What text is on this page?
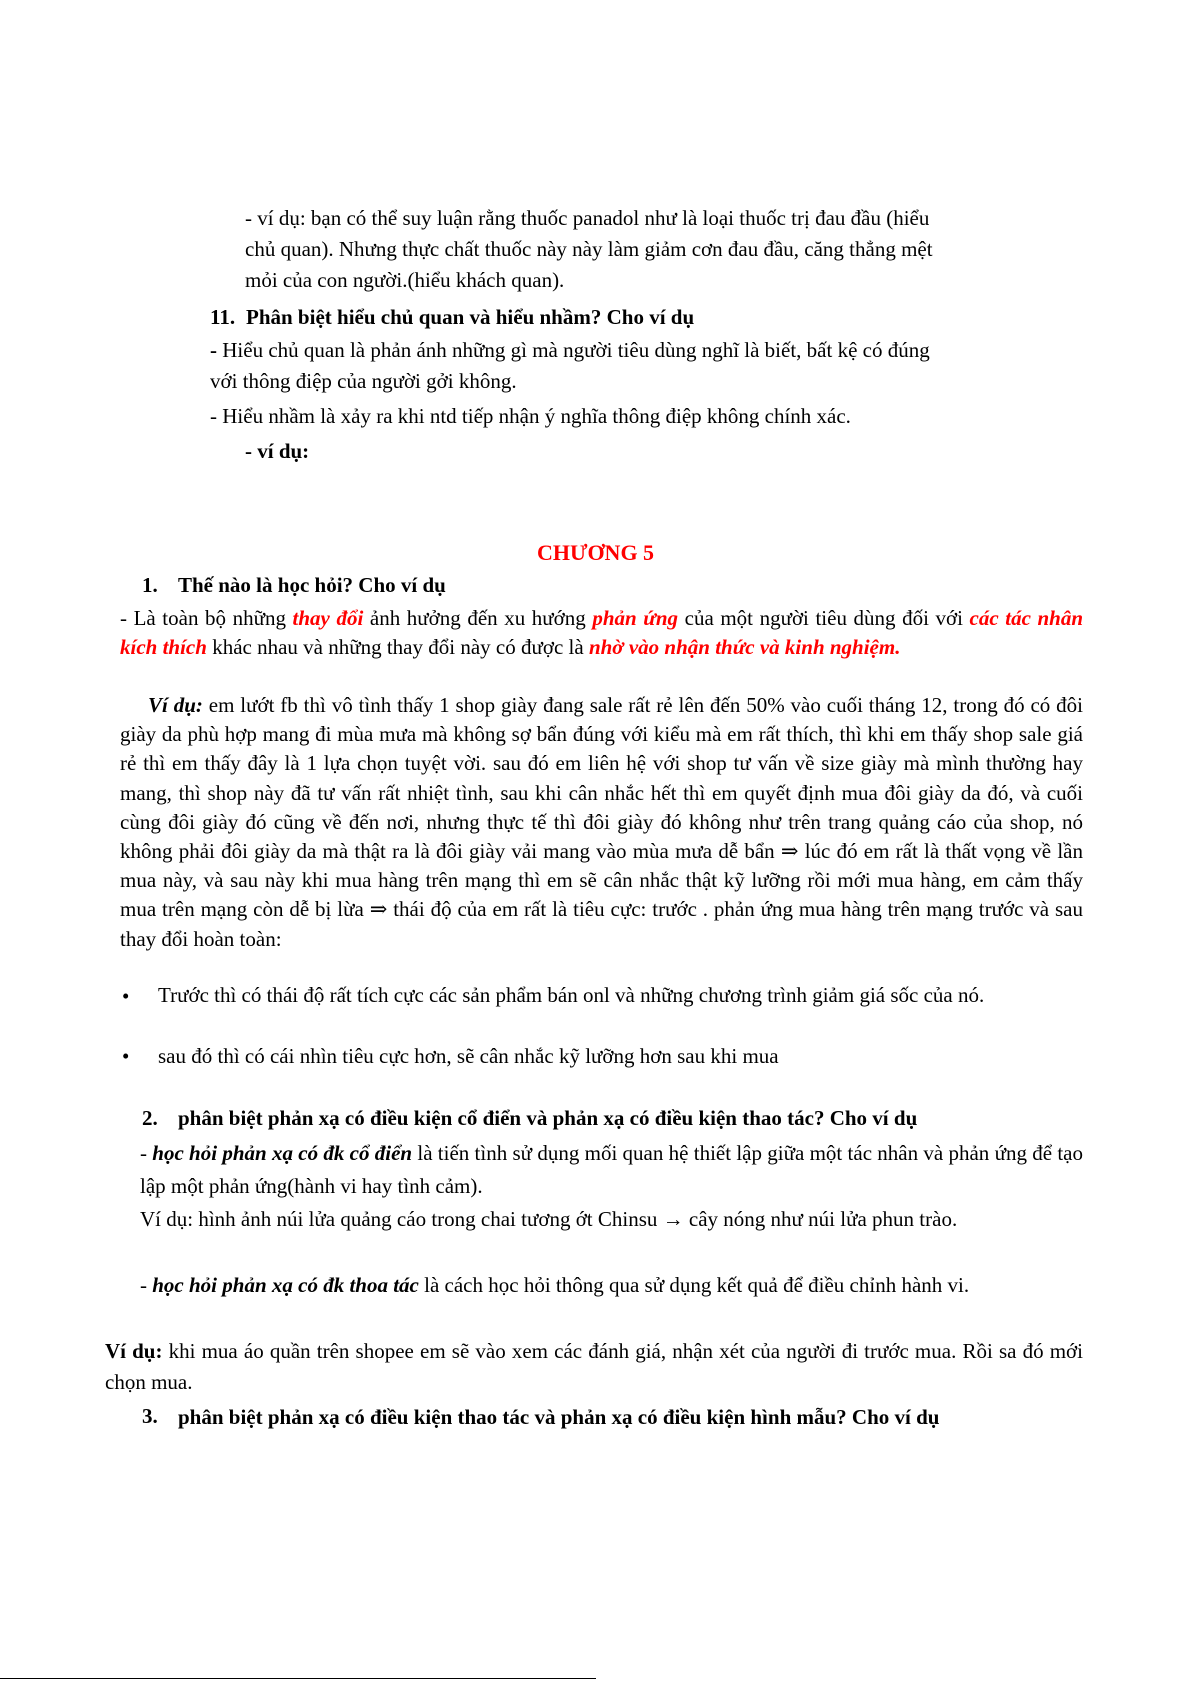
- ví dụ: bạn có thể suy luận rằng thuốc panadol như là loại thuốc trị đau đầu (hiểu
chủ quan). Nhưng thực chất thuốc này này làm giảm cơn đau đầu, căng thẳng mệt
mỏi của con người.(hiểu khách quan).
11. Phân biệt hiểu chủ quan và hiểu nhầm? Cho ví dụ
- Hiểu chủ quan là phản ánh những gì mà người tiêu dùng nghĩ là biết, bất kệ có đúng
với thông điệp của người gởi không.
- Hiểu nhầm là xảy ra khi ntd tiếp nhận ý nghĩa thông điệp không chính xác.
- ví dụ:
CHƯƠNG 5
1. Thế nào là học hỏi? Cho ví dụ
- Là toàn bộ những thay đổi ảnh hưởng đến xu hướng phản ứng của một người tiêu dùng đối với các tác nhân kích thích khác nhau và những thay đổi này có được là nhờ vào nhận thức và kinh nghiệm.
Ví dụ: em lướt fb thì vô tình thấy 1 shop giày đang sale rất rẻ lên đến 50% vào cuối tháng 12, trong đó có đôi giày da phù hợp mang đi mùa mưa mà không sợ bẩn đúng với kiểu mà em rất thích, thì khi em thấy shop sale giá rẻ thì em thấy đây là 1 lựa chọn tuyệt vời. sau đó em liên hệ với shop tư vấn về size giày mà mình thường hay mang, thì shop này đã tư vấn rất nhiệt tình, sau khi cân nhắc hết thì em quyết định mua đôi giày da đó, và cuối cùng đôi giày đó cũng về đến nơi, nhưng thực tế thì đôi giày đó không như trên trang quảng cáo của shop, nó không phải đôi giày da mà thật ra là đôi giày vải mang vào mùa mưa dễ bẩn ⇒ lúc đó em rất là thất vọng về lần mua này, và sau này khi mua hàng trên mạng thì em sẽ cân nhắc thật kỹ lưỡng rồi mới mua hàng, em cảm thấy mua trên mạng còn dễ bị lừa ⇒ thái độ của em rất là tiêu cực: trước . phản ứng mua hàng trên mạng trước và sau thay đổi hoàn toàn:
• Trước thì có thái độ rất tích cực các sản phẩm bán onl và những chương trình giảm giá sốc của nó.
• sau đó thì có cái nhìn tiêu cực hơn, sẽ cân nhắc kỹ lưỡng hơn sau khi mua
2. phân biệt phản xạ có điều kiện cổ điển và phản xạ có điều kiện thao tác? Cho ví dụ
- học hỏi phản xạ có đk cổ điển là tiến tình sử dụng mối quan hệ thiết lập giữa một tác nhân và phản ứng để tạo lập một phản ứng(hành vi hay tình cảm).
Ví dụ: hình ảnh núi lửa quảng cáo trong chai tương ớt Chinsu → cây nóng như núi lửa phun trào.
- học hỏi phản xạ có đk thoa tác là cách học hỏi thông qua sử dụng kết quả để điều chỉnh hành vi.
Ví dụ: khi mua áo quần trên shopee em sẽ vào xem các đánh giá, nhận xét của người đi trước mua. Rồi sa đó mới chọn mua.
3. phân biệt phản xạ có điều kiện thao tác và phản xạ có điều kiện hình mẫu? Cho ví dụ
